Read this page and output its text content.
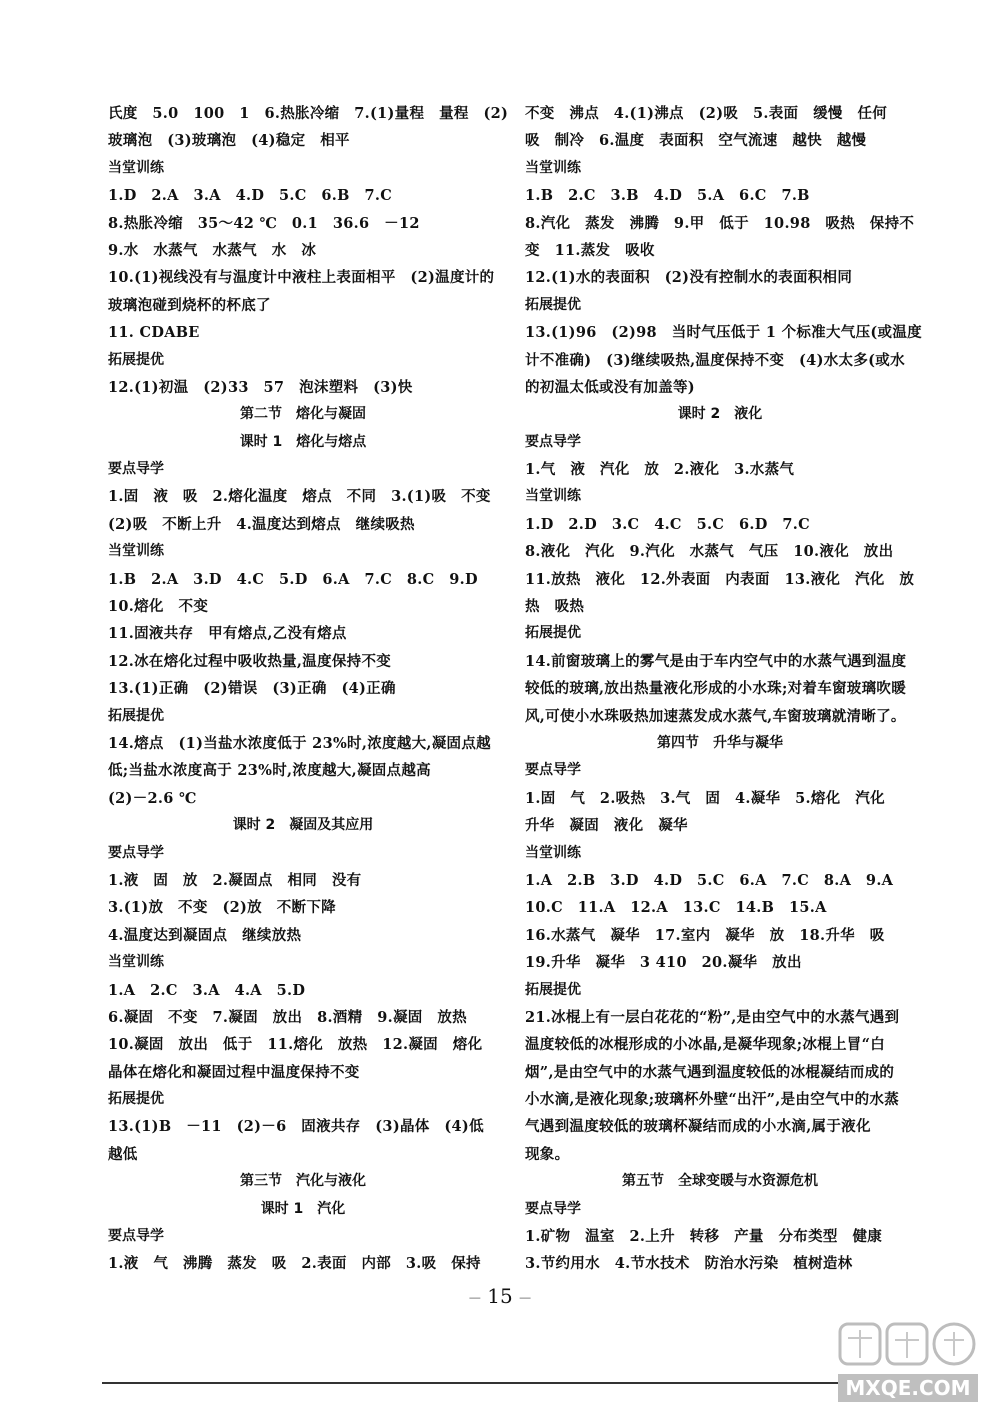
氏度　5.0　100　1　6.热胀冷缩　7.(1)量程　量程　(2)
玻璃泡　(3)玻璃泡　(4)稳定　相平
当堂训练
1.D　2.A　3.A　4.D　5.C　6.B　7.C
8.热胀冷缩　35～42 ℃　0.1　36.6　－12
9.水　水蒸气　水蒸气　水　冰
10.(1)视线没有与温度计中液柱上表面相平　(2)温度计的
玻璃泡碰到烧杯的杯底了
11. CDABE
拓展提优
12.(1)初温　(2)33　57　泡沫塑料　(3)快
第二节　熔化与凝固
课时 1　熔化与熔点
要点导学
1.固　液　吸　2.熔化温度　熔点　不同　3.(1)吸　不变
(2)吸　不断上升　4.温度达到熔点　继续吸热
当堂训练
1.B　2.A　3.D　4.C　5.D　6.A　7.C　8.C　9.D
10.熔化　不变
11.固液共存　甲有熔点,乙没有熔点
12.冰在熔化过程中吸收热量,温度保持不变
13.(1)正确　(2)错误　(3)正确　(4)正确
拓展提优
14.熔点　(1)当盐水浓度低于 23%时,浓度越大,凝固点越
低;当盐水浓度高于 23%时,浓度越大,凝固点越高
(2)－2.6 ℃
课时 2　凝固及其应用
要点导学
1.液　固　放　2.凝固点　相同　没有
3.(1)放　不变　(2)放　不断下降
4.温度达到凝固点　继续放热
当堂训练
1.A　2.C　3.A　4.A　5.D
6.凝固　不变　7.凝固　放出　8.酒精　9.凝固　放热
10.凝固　放出　低于　11.熔化　放热　12.凝固　熔化
晶体在熔化和凝固过程中温度保持不变
拓展提优
13.(1)B　－11　(2)－6　固液共存　(3)晶体　(4)低
越低
第三节　汽化与液化
课时 1　汽化
要点导学
1.液　气　沸腾　蒸发　吸　2.表面　内部　3.吸　保持
不变　沸点　4.(1)沸点　(2)吸　5.表面　缓慢　任何
吸　制冷　6.温度　表面积　空气流速　越快　越慢
当堂训练
1.B　2.C　3.B　4.D　5.A　6.C　7.B
8.汽化　蒸发　沸腾　9.甲　低于　10.98　吸热　保持不
变　11.蒸发　吸收
12.(1)水的表面积　(2)没有控制水的表面积相同
拓展提优
13.(1)96　(2)98　当时气压低于 1 个标准大气压(或温度
计不准确)　(3)继续吸热,温度保持不变　(4)水太多(或水
的初温太低或没有加盖等)
课时 2　液化
要点导学
1.气　液　汽化　放　2.液化　3.水蒸气
当堂训练
1.D　2.D　3.C　4.C　5.C　6.D　7.C
8.液化　汽化　9.汽化　水蒸气　气压　10.液化　放出
11.放热　液化　12.外表面　内表面　13.液化　汽化　放
热　吸热
拓展提优
14.前窗玻璃上的雾气是由于车内空气中的水蒸气遇到温度
较低的玻璃,放出热量液化形成的小水珠;对着车窗玻璃吹暖
风,可使小水珠吸热加速蒸发成水蒸气,车窗玻璃就清晰了。
第四节　升华与凝华
要点导学
1.固　气　2.吸热　3.气　固　4.凝华　5.熔化　汽化
升华　凝固　液化　凝华
当堂训练
1.A　2.B　3.D　4.D　5.C　6.A　7.C　8.A　9.A
10.C　11.A　12.A　13.C　14.B　15.A
16.水蒸气　凝华　17.室内　凝华　放　18.升华　吸
19.升华　凝华　3 410　20.凝华　放出
拓展提优
21.冰棍上有一层白花花的“粉”,是由空气中的水蒸气遇到
温度较低的冰棍形成的小冰晶,是凝华现象;冰棍上冒“白
烟”,是由空气中的水蒸气遇到温度较低的冰棍凝结而成的
小水滴,是液化现象;玻璃杯外壁“出汗”,是由空气中的水蒸
气遇到温度较低的玻璃杯凝结而成的小水滴,属于液化
现象。
第五节　全球变暖与水资源危机
要点导学
1.矿物　温室　2.上升　转移　产量　分布类型　健康
3.节约用水　4.节水技术　防治水污染　植树造林
— 15 —
MXQE.COM
